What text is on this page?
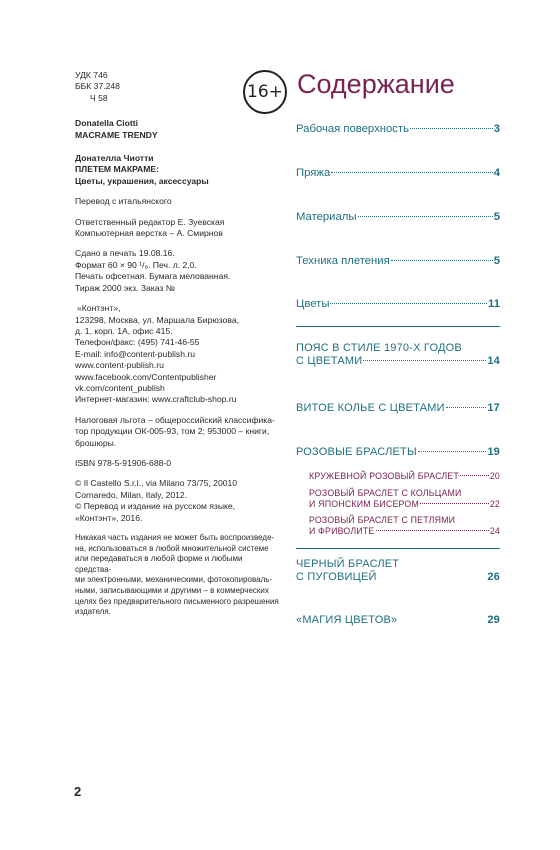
УДК 746

ББК 37.248

Ч 58

Donatella Ciotti

MACRAME TRENDY

Донателла Чиотти

ПЛЕТЕМ МАКРАМЕ:

Цветы, украшения, аксессуары

Перевод с итальянского

Ответственный редактор Е. Зуевская

Компьютерная верстка – А. Смирнов

Сдано в печать 19.08.16.

Формат 60 × 90 ¹/₈. Печ. л. 2,0.

Печать офсетная. Бумага мелованная.

Тираж 2000 экз. Заказ №

«Контэнт»,

123298, Москва, ул. Маршала Бирюзова,

д. 1, корп. 1А, офис 415.

Телефон/факс: (495) 741-46-55

E-mail: info@content-publish.ru

www.content-publish.ru

www.facebook.com/Contentpublisher

vk.com/content_publish

Интернет-магазин: www.craftclub-shop.ru

Налоговая льгота – общероссийский классифика-

тор продукции ОК-005-93, том 2; 953000 – книги,

брошюры.

ISBN 978-5-91906-688-0

© Il Castello S.r.l., via Milano 73/75, 20010

Cornaredo, Milan, Italy, 2012.

© Перевод и издание на русском языке,

«Контэнт», 2016.

Никакая часть издания не может быть воспроизведе-

на, использоваться в любой множительной системе

или передаваться в любой форме и любыми средства-

ми электронными, механическими, фотокопироваль-

ными, записывающими и другими – в коммерческих

целях без предварительного письменного разрешения

издателя.

16+ Содержание
Рабочая поверхность	3
Пряжа	4
Материалы	5
Техника плетения	5
Цветы	11
ПОЯС В СТИЛЕ 1970-Х ГОДОВ
С ЦВЕТАМИ	14
ВИТОЕ КОЛЬЕ С ЦВЕТАМИ	17
РОЗОВЫЕ БРАСЛЕТЫ	19
КРУЖЕВНОЙ РОЗОВЫЙ БРАСЛЕТ	20
РОЗОВЫЙ БРАСЛЕТ С КОЛЬЦАМИ
И ЯПОНСКИМ БИСЕРОМ	22
РОЗОВЫЙ БРАСЛЕТ С ПЕТЛЯМИ
И ФРИВОЛИТЕ	24
ЧЕРНЫЙ БРАСЛЕТ
С ПУГОВИЦЕЙ	26
«МАГИЯ ЦВЕТОВ»	29
2
